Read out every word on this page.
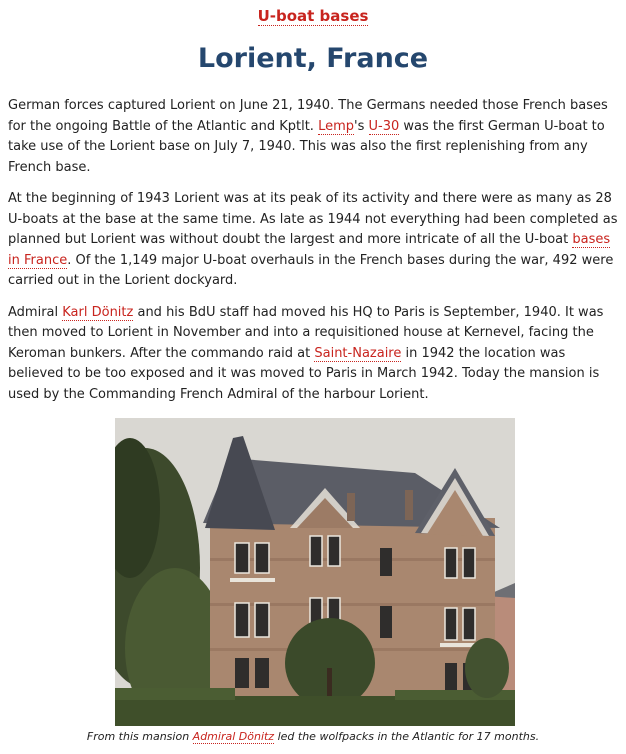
U-boat bases
Lorient, France

German forces captured Lorient on June 21, 1940. The Germans needed those French bases for the ongoing Battle of the Atlantic and Kptlt. Lemp's U-30 was the first German U-boat to take use of the Lorient base on July 7, 1940. This was also the first replenishing from any French base.

At the beginning of 1943 Lorient was at its peak of its activity and there were as many as 28 U-boats at the base at the same time. As late as 1944 not everything had been completed as planned but Lorient was without doubt the largest and more intricate of all the U-boat bases in France. Of the 1,149 major U-boat overhauls in the French bases during the war, 492 were carried out in the Lorient dockyard.

Admiral Karl Dönitz and his BdU staff had moved his HQ to Paris is September, 1940. It was then moved to Lorient in November and into a requisitioned house at Kernevel, facing the Keroman bunkers. After the commando raid at Saint-Nazaire in 1942 the location was believed to be too exposed and it was moved to Paris in March 1942. Today the mansion is used by the Commanding French Admiral of the harbour Lorient.

From this mansion Admiral Dönitz led the wolfpacks in the Atlantic for 17 months.
